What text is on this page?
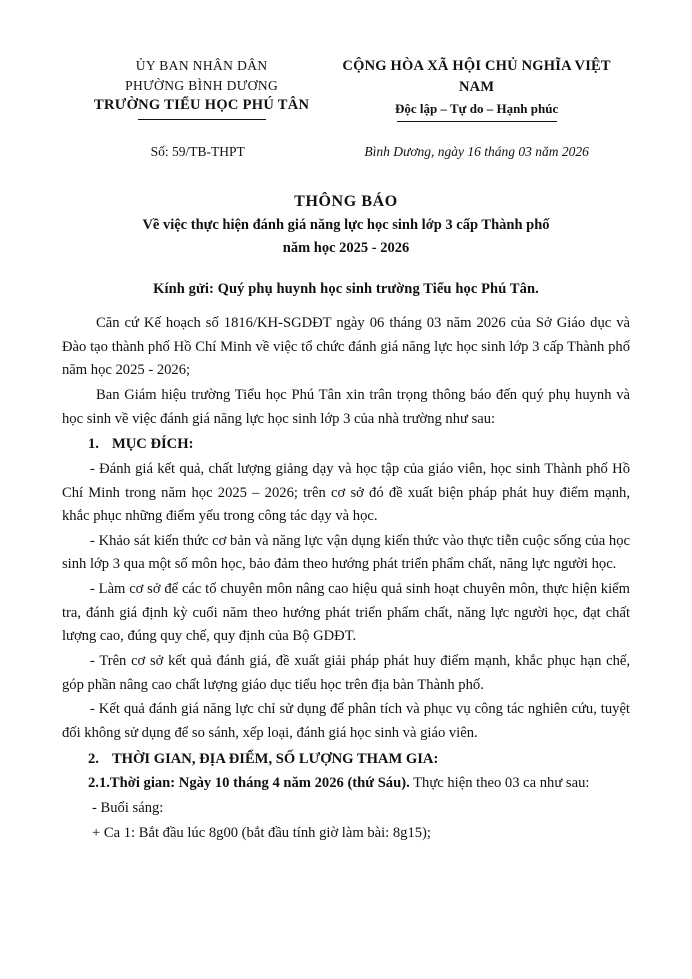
ỦY BAN NHÂN DÂN
PHƯỜNG BÌNH DƯƠNG
TRƯỜNG TIỂU HỌC PHÚ TÂN
CỘNG HÒA XÃ HỘI CHỦ NGHĨA VIỆT NAM
Độc lập – Tự do – Hạnh phúc
Số: 59/TB-THPT	Bình Dương, ngày 16 tháng 03 năm 2026
THÔNG BÁO
Về việc thực hiện đánh giá năng lực học sinh lớp 3 cấp Thành phố
năm học 2025 - 2026
Kính gửi: Quý phụ huynh học sinh trường Tiểu học Phú Tân.

Căn cứ Kế hoạch số 1816/KH-SGDĐT ngày 06 tháng 03 năm 2026 của Sở Giáo dục và Đào tạo thành phố Hồ Chí Minh về việc tổ chức đánh giá năng lực học sinh lớp 3 cấp Thành phố năm học 2025 - 2026;

Ban Giám hiệu trường Tiểu học Phú Tân xin trân trọng thông báo đến quý phụ huynh và học sinh về việc đánh giá năng lực học sinh lớp 3 của nhà trường như sau:

1. MỤC ĐÍCH:

- Đánh giá kết quả, chất lượng giảng dạy và học tập của giáo viên, học sinh Thành phố Hồ Chí Minh trong năm học 2025 – 2026; trên cơ sở đó đề xuất biện pháp phát huy điểm mạnh, khắc phục những điểm yếu trong công tác dạy và học.

- Khảo sát kiến thức cơ bản và năng lực vận dụng kiến thức vào thực tiễn cuộc sống của học sinh lớp 3 qua một số môn học, bảo đảm theo hướng phát triển phẩm chất, năng lực người học.

- Làm cơ sở để các tổ chuyên môn nâng cao hiệu quả sinh hoạt chuyên môn, thực hiện kiểm tra, đánh giá định kỳ cuối năm theo hướng phát triển phẩm chất, năng lực người học, đạt chất lượng cao, đúng quy chế, quy định của Bộ GDĐT.

- Trên cơ sở kết quả đánh giá, đề xuất giải pháp phát huy điểm mạnh, khắc phục hạn chế, góp phần nâng cao chất lượng giáo dục tiểu học trên địa bàn Thành phố.

- Kết quả đánh giá năng lực chỉ sử dụng để phân tích và phục vụ công tác nghiên cứu, tuyệt đối không sử dụng để so sánh, xếp loại, đánh giá học sinh và giáo viên.

2. THỜI GIAN, ĐỊA ĐIỂM, SỐ LƯỢNG THAM GIA:

2.1.Thời gian: Ngày 10 tháng 4 năm 2026 (thứ Sáu). Thực hiện theo 03 ca như sau:

- Buổi sáng:

+ Ca 1: Bắt đầu lúc 8g00 (bắt đầu tính giờ làm bài: 8g15);
